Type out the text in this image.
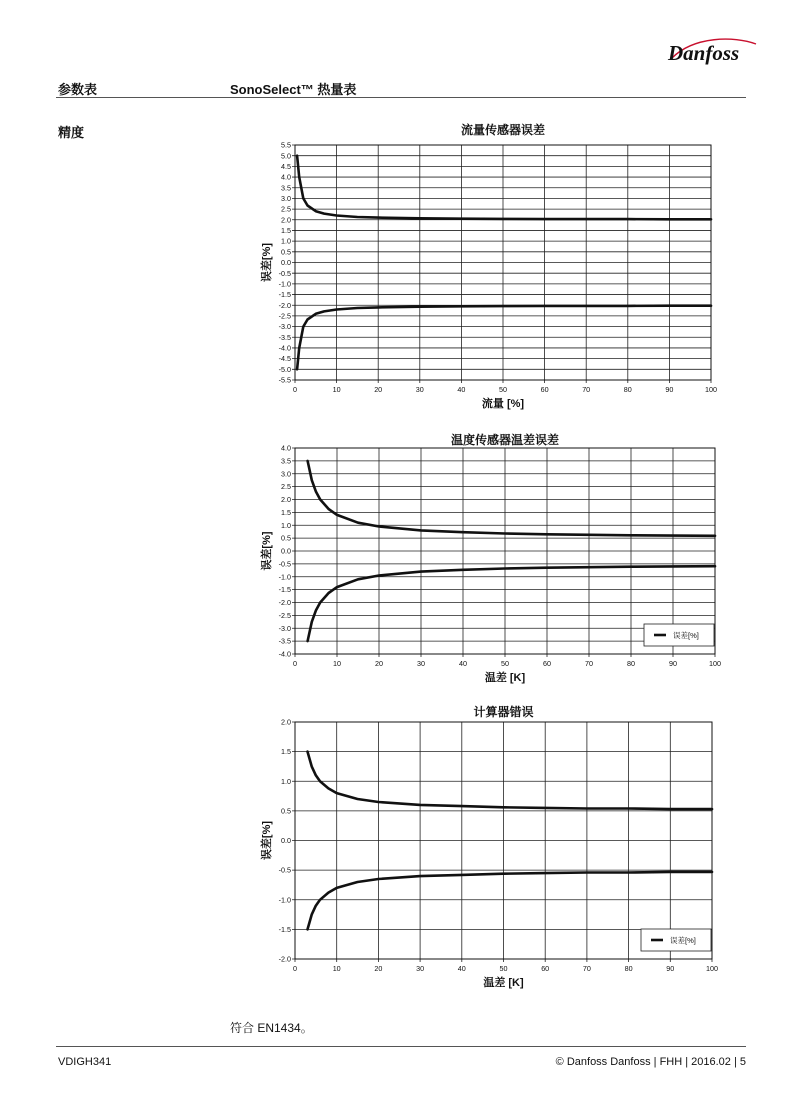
Danfoss
参数表	SonoSelect™ 热量表
精度	流量传感器误差
-5.5
-5.0
-4.5
-4.0
-3.5
-3.0
-2.5
-2.0
-1.5
-1.0
-0.5
0.0
0.5
1.0
1.5
2.0
2.5
3.0
3.5
4.0
4.5
5.0
5.5
0	10	20	30	40	50	60	70	80	90	100
流量 [%]
误差[%]
温度传感器温差误差
-4.0
-3.5
-3.0
-2.5
-2.0
-1.5
-1.0
-0.5
0.0
0.5
1.0
1.5
2.0
2.5
3.0
3.5
4.0
0	10	20	30	40	50	60	70	80	90	100
温差 [K]
误差[%]
误差[%]
计算器错误
-2.0
-1.5
-1.0
-0.5
0.0
0.5
1.0
1.5
2.0
0	10	20	30	40	50	60	70	80	90	100
温差 [K]
误差[%]
误差[%]
符合 EN1434。
VDIGH341	© Danfoss Danfoss | FHH | 2016.02 | 5
